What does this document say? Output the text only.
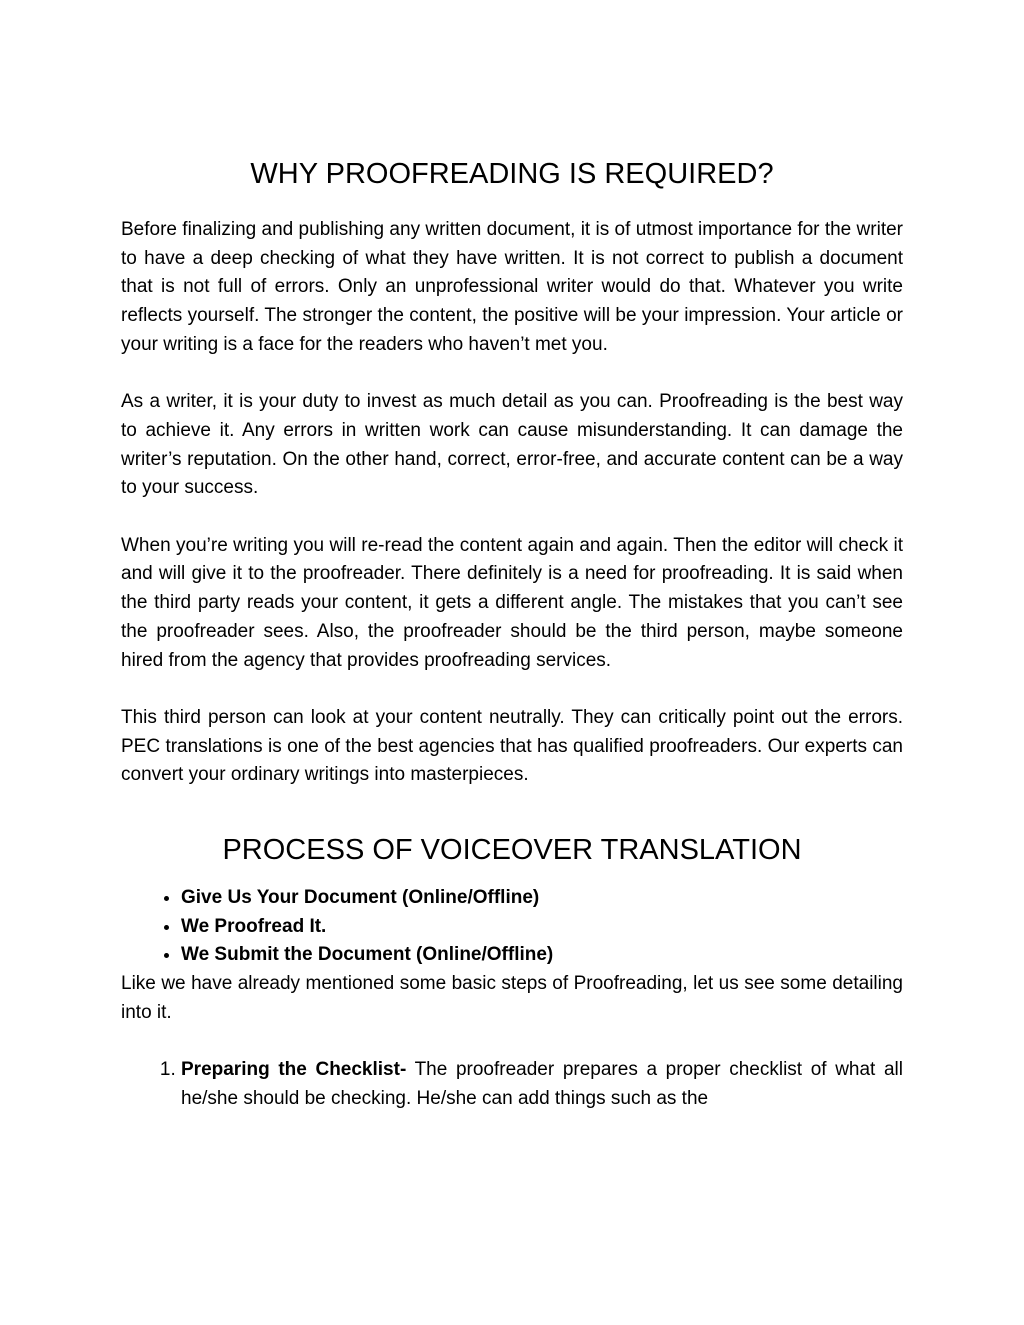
WHY PROOFREADING IS REQUIRED?

Before finalizing and publishing any written document, it is of utmost importance for the writer to have a deep checking of what they have written. It is not correct to publish a document that is not full of errors. Only an unprofessional writer would do that. Whatever you write reflects yourself. The stronger the content, the positive will be your impression. Your article or your writing is a face for the readers who haven’t met you.

As a writer, it is your duty to invest as much detail as you can. Proofreading is the best way to achieve it. Any errors in written work can cause misunderstanding. It can damage the writer’s reputation. On the other hand, correct, error-free, and accurate content can be a way to your success.

When you’re writing you will re-read the content again and again. Then the editor will check it and will give it to the proofreader. There definitely is a need for proofreading. It is said when the third party reads your content, it gets a different angle. The mistakes that you can’t see the proofreader sees. Also, the proofreader should be the third person, maybe someone hired from the agency that provides proofreading services.

This third person can look at your content neutrally. They can critically point out the errors. PEC translations is one of the best agencies that has qualified proofreaders. Our experts can convert your ordinary writings into masterpieces.

PROCESS OF VOICEOVER TRANSLATION
• Give Us Your Document (Online/Offline)
• We Proofread It.
• We Submit the Document (Online/Offline)

Like we have already mentioned some basic steps of Proofreading, let us see some detailing into it.

1. Preparing the Checklist- The proofreader prepares a proper checklist of what all he/she should be checking. He/she can add things such as the
